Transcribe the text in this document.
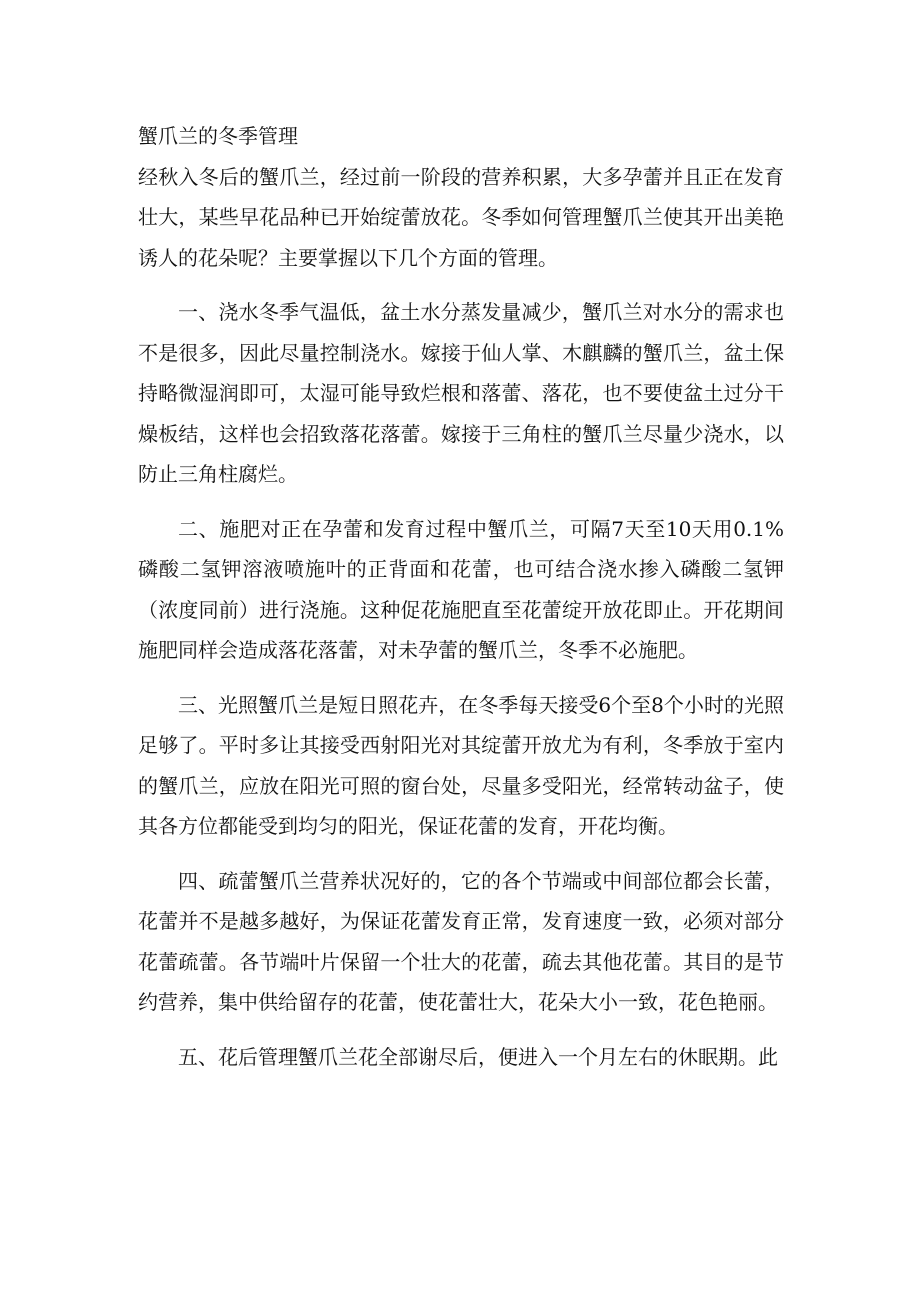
蟹爪兰的冬季管理

经秋入冬后的蟹爪兰，经过前一阶段的营养积累，大多孕蕾并且正在发育壮大，某些早花品种已开始绽蕾放花。冬季如何管理蟹爪兰使其开出美艳诱人的花朵呢？主要掌握以下几个方面的管理。

一、浇水冬季气温低，盆土水分蒸发量减少，蟹爪兰对水分的需求也不是很多，因此尽量控制浇水。嫁接于仙人掌、木麒麟的蟹爪兰，盆土保持略微湿润即可，太湿可能导致烂根和落蕾、落花，也不要使盆土过分干燥板结，这样也会招致落花落蕾。嫁接于三角柱的蟹爪兰尽量少浇水，以防止三角柱腐烂。

二、施肥对正在孕蕾和发育过程中蟹爪兰，可隔7天至10天用0.1%磷酸二氢钾溶液喷施叶的正背面和花蕾，也可结合浇水掺入磷酸二氢钾（浓度同前）进行浇施。这种促花施肥直至花蕾绽开放花即止。开花期间施肥同样会造成落花落蕾，对未孕蕾的蟹爪兰，冬季不必施肥。

三、光照蟹爪兰是短日照花卉，在冬季每天接受6个至8个小时的光照足够了。平时多让其接受西射阳光对其绽蕾开放尤为有利，冬季放于室内的蟹爪兰，应放在阳光可照的窗台处，尽量多受阳光，经常转动盆子，使其各方位都能受到均匀的阳光，保证花蕾的发育，开花均衡。

四、疏蕾蟹爪兰营养状况好的，它的各个节端或中间部位都会长蕾，花蕾并不是越多越好，为保证花蕾发育正常，发育速度一致，必须对部分花蕾疏蕾。各节端叶片保留一个壮大的花蕾，疏去其他花蕾。其目的是节约营养，集中供给留存的花蕾，使花蕾壮大，花朵大小一致，花色艳丽。

五、花后管理蟹爪兰花全部谢尽后，便进入一个月左右的休眠期。此
